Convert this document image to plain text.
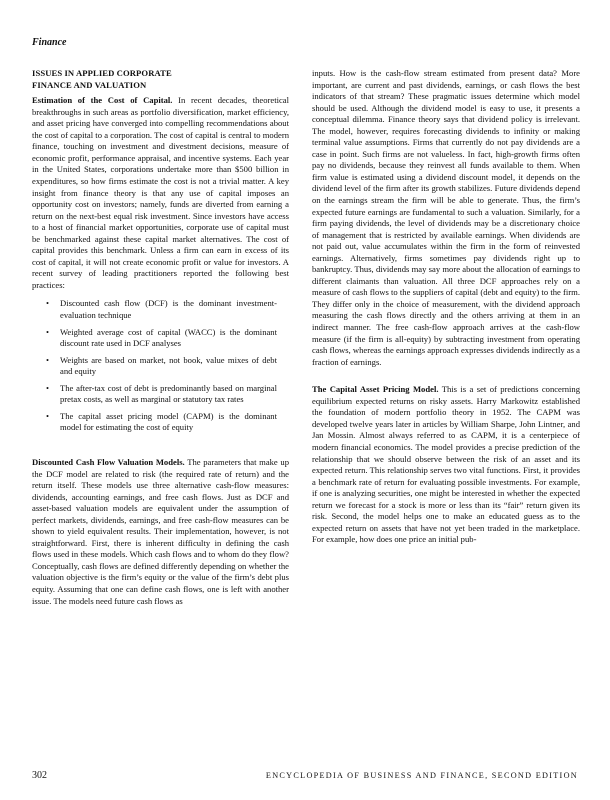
Finance
ISSUES IN APPLIED CORPORATE
FINANCE AND VALUATION

Estimation of the Cost of Capital. In recent decades, theoretical breakthroughs in such areas as portfolio diversification, market efficiency, and asset pricing have converged into compelling recommendations about the cost of capital to a corporation. The cost of capital is central to modern finance, touching on investment and divestment decisions, measure of economic profit, performance appraisal, and incentive systems. Each year in the United States, corporations undertake more than $500 billion in expenditures, so how firms estimate the cost is not a trivial matter. A key insight from finance theory is that any use of capital imposes an opportunity cost on investors; namely, funds are diverted from earning a return on the next-best equal risk investment. Since investors have access to a host of financial market opportunities, corporate use of capital must be benchmarked against these capital market alternatives. The cost of capital provides this benchmark. Unless a firm can earn in excess of its cost of capital, it will not create economic profit or value for investors. A recent survey of leading practitioners reported the following best practices:

• Discounted cash flow (DCF) is the dominant investment-evaluation technique
• Weighted average cost of capital (WACC) is the dominant discount rate used in DCF analyses
• Weights are based on market, not book, value mixes of debt and equity
• The after-tax cost of debt is predominantly based on marginal pretax costs, as well as marginal or statutory tax rates
• The capital asset pricing model (CAPM) is the dominant model for estimating the cost of equity

Discounted Cash Flow Valuation Models. The parameters that make up the DCF model are related to risk (the required rate of return) and the return itself. These models use three alternative cash-flow measures: dividends, accounting earnings, and free cash flows. Just as DCF and asset-based valuation models are equivalent under the assumption of perfect markets, dividends, earnings, and free cash-flow measures can be shown to yield equivalent results. Their implementation, however, is not straightforward. First, there is inherent difficulty in defining the cash flows used in these models. Which cash flows and to whom do they flow? Conceptually, cash flows are defined differently depending on whether the valuation objective is the firm’s equity or the value of the firm’s debt plus equity. Assuming that one can define cash flows, one is left with another issue. The models need future cash flows as

inputs. How is the cash-flow stream estimated from present data? More important, are current and past dividends, earnings, or cash flows the best indicators of that stream? These pragmatic issues determine which model should be used. Although the dividend model is easy to use, it presents a conceptual dilemma. Finance theory says that dividend policy is irrelevant. The model, however, requires forecasting dividends to infinity or making terminal value assumptions. Firms that currently do not pay dividends are a case in point. Such firms are not valueless. In fact, high-growth firms often pay no dividends, because they reinvest all funds available to them. When firm value is estimated using a dividend discount model, it depends on the dividend level of the firm after its growth stabilizes. Future dividends depend on the earnings stream the firm will be able to generate. Thus, the firm’s expected future earnings are fundamental to such a valuation. Similarly, for a firm paying dividends, the level of dividends may be a discretionary choice of management that is restricted by available earnings. When dividends are not paid out, value accumulates within the firm in the form of reinvested earnings. Alternatively, firms sometimes pay dividends right up to bankruptcy. Thus, dividends may say more about the allocation of earnings to different claimants than valuation. All three DCF approaches rely on a measure of cash flows to the suppliers of capital (debt and equity) to the firm. They differ only in the choice of measurement, with the dividend approach measuring the cash flows directly and the others arriving at them in an indirect manner. The free cash-flow approach arrives at the cash-flow measure (if the firm is all-equity) by subtracting investment from operating cash flows, whereas the earnings approach expresses dividends indirectly as a fraction of earnings.

The Capital Asset Pricing Model. This is a set of predictions concerning equilibrium expected returns on risky assets. Harry Markowitz established the foundation of modern portfolio theory in 1952. The CAPM was developed twelve years later in articles by William Sharpe, John Lintner, and Jan Mossin. Almost always referred to as CAPM, it is a centerpiece of modern financial economics. The model provides a precise prediction of the relationship that we should observe between the risk of an asset and its expected return. This relationship serves two vital functions. First, it provides a benchmark rate of return for evaluating possible investments. For example, if one is analyzing securities, one might be interested in whether the expected return we forecast for a stock is more or less than its “fair” return given its risk. Second, the model helps one to make an educated guess as to the expected return on assets that have not yet been traded in the marketplace. For example, how does one price an initial pub-

302	ENCYCLOPEDIA OF BUSINESS AND FINANCE, SECOND EDITION
